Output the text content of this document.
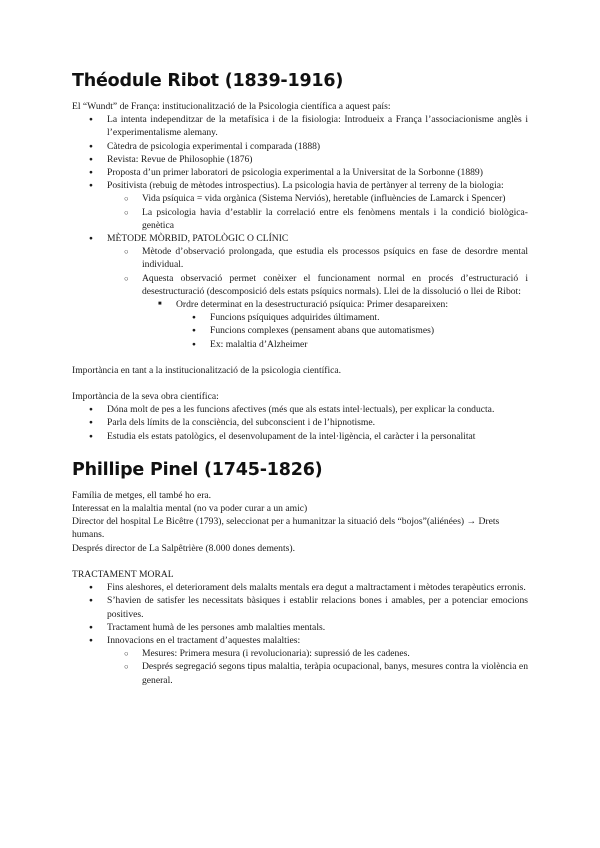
Théodule Ribot (1839-1916)

El “Wundt” de França: institucionalització de la Psicologia científica a aquest país:

● La intenta independitzar de la metafísica i de la fisiologia: Introdueix a França l’associacionisme anglès i l’experimentalisme alemany.
● Càtedra de psicologia experimental i comparada (1888)
● Revista: Revue de Philosophie (1876)
● Proposta d’un primer laboratori de psicologia experimental a la Universitat de la Sorbonne (1889)
● Positivista (rebuig de mètodes introspectius). La psicologia havia de pertànyer al terreny de la biologia:
○ Vida psíquica = vida orgànica (Sistema Nerviós), heretable (influències de Lamarck i Spencer)
○ La psicologia havia d’establir la correlació entre els fenòmens mentals i la condició biològica-genètica
● MÈTODE MÒRBID, PATOLÒGIC O CLÍNIC
○ Mètode d’observació prolongada, que estudia els processos psíquics en fase de desordre mental individual.
○ Aquesta observació permet conèixer el funcionament normal en procés d’estructuració i desestructuració (descomposició dels estats psíquics normals). Llei de la dissolució o llei de Ribot:
■ Ordre determinat en la desestructuració psíquica: Primer desapareixen:
● Funcions psíquiques adquirides últimament.
● Funcions complexes (pensament abans que automatismes)
● Ex: malaltia d’Alzheimer

Importància en tant a la institucionalització de la psicologia científica.

Importància de la seva obra científica:

● Dóna molt de pes a les funcions afectives (més que als estats intel·lectuals), per explicar la conducta.
● Parla dels límits de la consciència, del subconscient i de l’hipnotisme.
● Estudia els estats patològics, el desenvolupament de la intel·ligència, el caràcter i la personalitat
Phillipe Pinel (1745-1826)

Família de metges, ell també ho era.

Interessat en la malaltia mental (no va poder curar a un amic)

Director del hospital Le Bicêtre (1793), seleccionat per a humanitzar la situació dels “bojos”(aliénées) → Drets humans.

Després director de La Salpêtrière (8.000 dones dements).

TRACTAMENT MORAL

● Fins aleshores, el deteriorament dels malalts mentals era degut a maltractament i mètodes terapèutics erronis.
● S’havien de satisfer les necessitats bàsiques i establir relacions bones i amables, per a potenciar emocions positives.
● Tractament humà de les persones amb malalties mentals.
● Innovacions en el tractament d’aquestes malalties:
○ Mesures: Primera mesura (i revolucionaria): supressió de les cadenes.
○ Després segregació segons tipus malaltia, teràpia ocupacional, banys, mesures contra la violència en general.
